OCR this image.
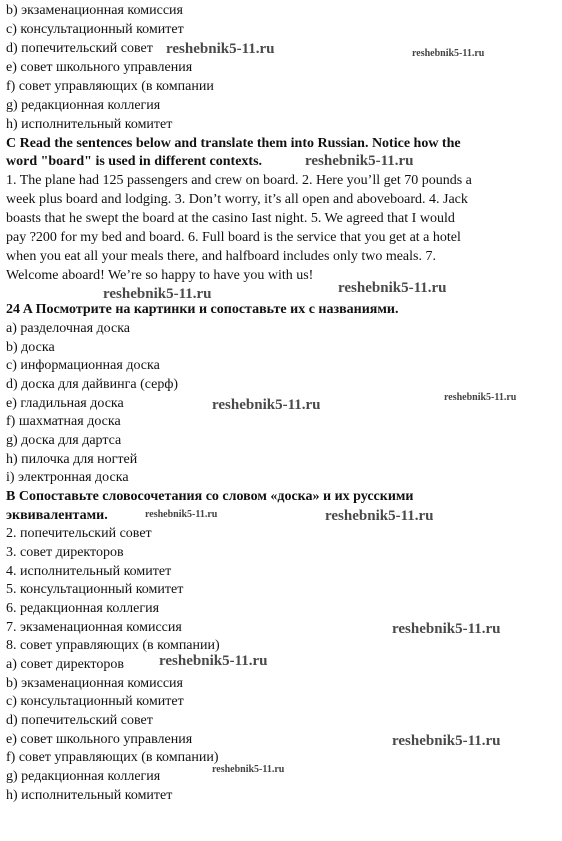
b) экзаменационная комиссия
c) консультационный комитет
d) попечительский совет
e) совет школьного управления
f) совет управляющих (в компании
g) редакционная коллегия
h) исполнительный комитет
C Read the sentences below and translate them into Russian. Notice how the
word "board" is used in different contexts.
1. The plane had 125 passengers and crew on board. 2. Here you’ll get 70 pounds a
week plus board and lodging. 3. Don’t worry, it’s all open and aboveboard. 4. Jack
boasts that he swept the board at the casino Iast night. 5. We agreed that I would
pay ?200 for my bed and board. 6. Full board is the service that you get at a hotel
when you eat all your meals there, and halfboard includes only two meals. 7.
Welcome aboard! We’re so happy to have you with us!
24 A Посмотрите на картинки и сопоставьте их с названиями.
a) разделочная доска
b) доска
c) информационная доска
d) доска для дайвинга (серф)
e) гладильная доска
f) шахматная доска
g) доска для дартса
h) пилочка для ногтей
i) электронная доска
B Сопоставьте словосочетания со словом «доска» и их русскими
эквивалентами.
2. попечительский совет
3. совет директоров
4. исполнительный комитет
5. консультационный комитет
6. редакционная коллегия
7. экзаменационная комиссия
8. совет управляющих (в компании)
a) совет директоров
b) экзаменационная комиссия
c) консультационный комитет
d) попечительский совет
e) совет школьного управления
f) совет управляющих (в компании)
g) редакционная коллегия
h) исполнительный комитет
reshebnik5-11.ru	reshebnik5-11.ru
reshebnik5-11.ru
reshebnik5-11.ru	reshebnik5-11.ru
reshebnik5-11.ru	reshebnik5-11.ru
reshebnik5-11.ru	reshebnik5-11.ru
reshebnik5-11.ru
reshebnik5-11.ru
reshebnik5-11.ru
reshebnik5-11.ru
